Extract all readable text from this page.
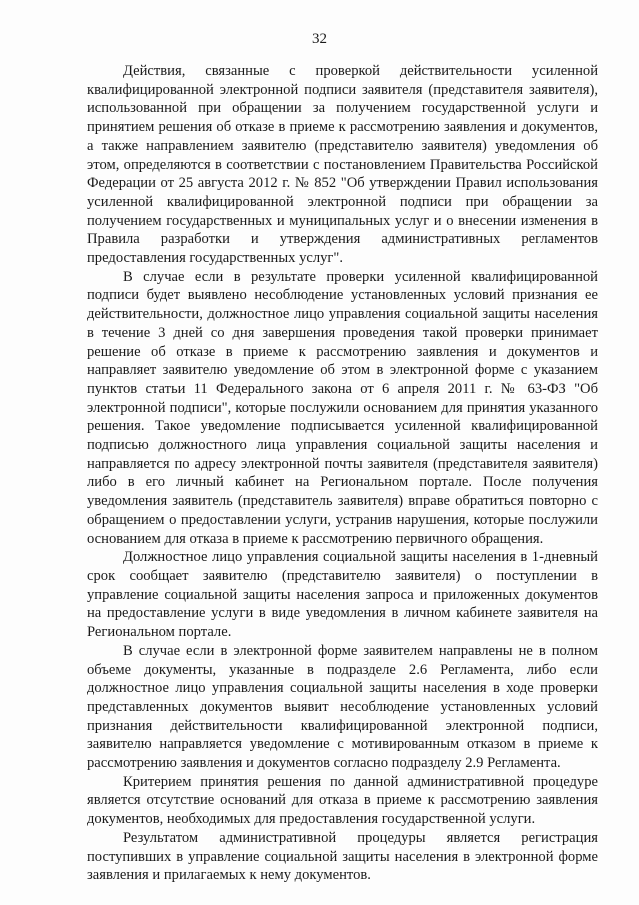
32

Действия, связанные с проверкой действительности усиленной квалифицированной электронной подписи заявителя (представителя заявителя), использованной при обращении за получением государственной услуги и принятием решения об отказе в приеме к рассмотрению заявления и документов, а также направлением заявителю (представителю заявителя) уведомления об этом, определяются в соответствии с постановлением Правительства Российской Федерации от 25 августа 2012 г. № 852 "Об утверждении Правил использования усиленной квалифицированной электронной подписи при обращении за получением государственных и муниципальных услуг и о внесении изменения в Правила разработки и утверждения административных регламентов предоставления государственных услуг".

В случае если в результате проверки усиленной квалифицированной подписи будет выявлено несоблюдение установленных условий признания ее действительности, должностное лицо управления социальной защиты населения в течение 3 дней со дня завершения проведения такой проверки принимает решение об отказе в приеме к рассмотрению заявления и документов и направляет заявителю уведомление об этом в электронной форме с указанием пунктов статьи 11 Федерального закона от 6 апреля 2011 г. № 63-ФЗ "Об электронной подписи", которые послужили основанием для принятия указанного решения. Такое уведомление подписывается усиленной квалифицированной подписью должностного лица управления социальной защиты населения и направляется по адресу электронной почты заявителя (представителя заявителя) либо в его личный кабинет на Региональном портале. После получения уведомления заявитель (представитель заявителя) вправе обратиться повторно с обращением о предоставлении услуги, устранив нарушения, которые послужили основанием для отказа в приеме к рассмотрению первичного обращения.

Должностное лицо управления социальной защиты населения в 1-дневный срок сообщает заявителю (представителю заявителя) о поступлении в управление социальной защиты населения запроса и приложенных документов на предоставление услуги в виде уведомления в личном кабинете заявителя на Региональном портале.

В случае если в электронной форме заявителем направлены не в полном объеме документы, указанные в подразделе 2.6 Регламента, либо если должностное лицо управления социальной защиты населения в ходе проверки представленных документов выявит несоблюдение установленных условий признания действительности квалифицированной электронной подписи, заявителю направляется уведомление с мотивированным отказом в приеме к рассмотрению заявления и документов согласно подразделу 2.9 Регламента.

Критерием принятия решения по данной административной процедуре является отсутствие оснований для отказа в приеме к рассмотрению заявления документов, необходимых для предоставления государственной услуги.

Результатом административной процедуры является регистрация поступивших в управление социальной защиты населения в электронной форме заявления и прилагаемых к нему документов.
